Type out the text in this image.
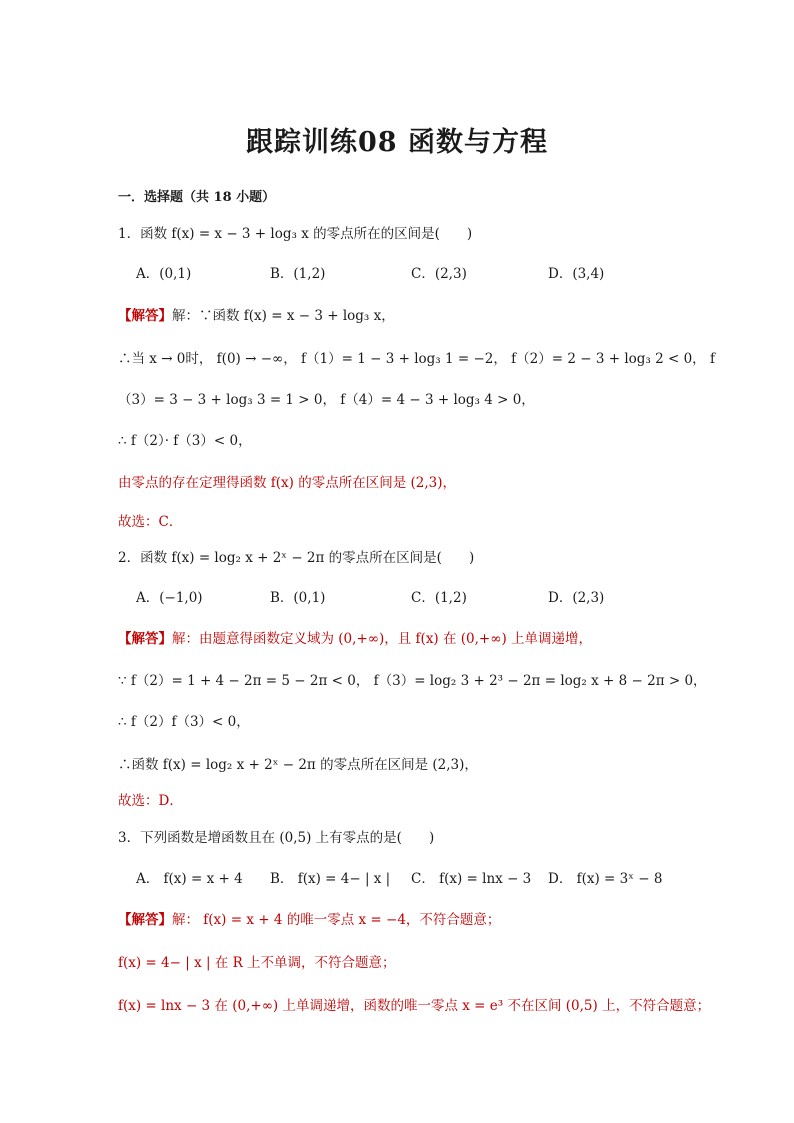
跟踪训练08 函数与方程
一．选择题（共 18 小题）
1．函数 f(x) = x − 3 + log₃ x 的零点所在的区间是(　　)
A．(0,1)	B．(1,2)	C．(2,3)	D．(3,4)
【解答】解：∵函数 f(x) = x − 3 + log₃ x，
∴当 x → 0时， f(0) → −∞， f（1）= 1 − 3 + log₃ 1 = −2， f（2）= 2 − 3 + log₃ 2 < 0， f
（3）= 3 − 3 + log₃ 3 = 1 > 0， f（4）= 4 − 3 + log₃ 4 > 0，
∴ f（2）· f（3）< 0，
由零点的存在定理得函数 f(x) 的零点所在区间是 (2,3)，
故选：C．
2．函数 f(x) = log₂ x + 2ˣ − 2π 的零点所在区间是(　　)
A．(−1,0)	B．(0,1)	C．(1,2)	D．(2,3)
【解答】解：由题意得函数定义域为 (0,+∞)，且 f(x) 在 (0,+∞) 上单调递增，
∵ f（2）= 1 + 4 − 2π = 5 − 2π < 0， f（3）= log₂ 3 + 2³ − 2π = log₂ x + 8 − 2π > 0，
∴ f（2）f（3）< 0，
∴函数 f(x) = log₂ x + 2ˣ − 2π 的零点所在区间是 (2,3)，
故选：D．
3．下列函数是增函数且在 (0,5) 上有零点的是(　　)
A． f(x) = x + 4 B． f(x) = 4− | x | C． f(x) = lnx − 3 D． f(x) = 3ˣ − 8
【解答】解： f(x) = x + 4 的唯一零点 x = −4，不符合题意；
f(x) = 4− | x | 在 R 上不单调，不符合题意；
f(x) = lnx − 3 在 (0,+∞) 上单调递增，函数的唯一零点 x = e³ 不在区间 (0,5) 上，不符合题意；
